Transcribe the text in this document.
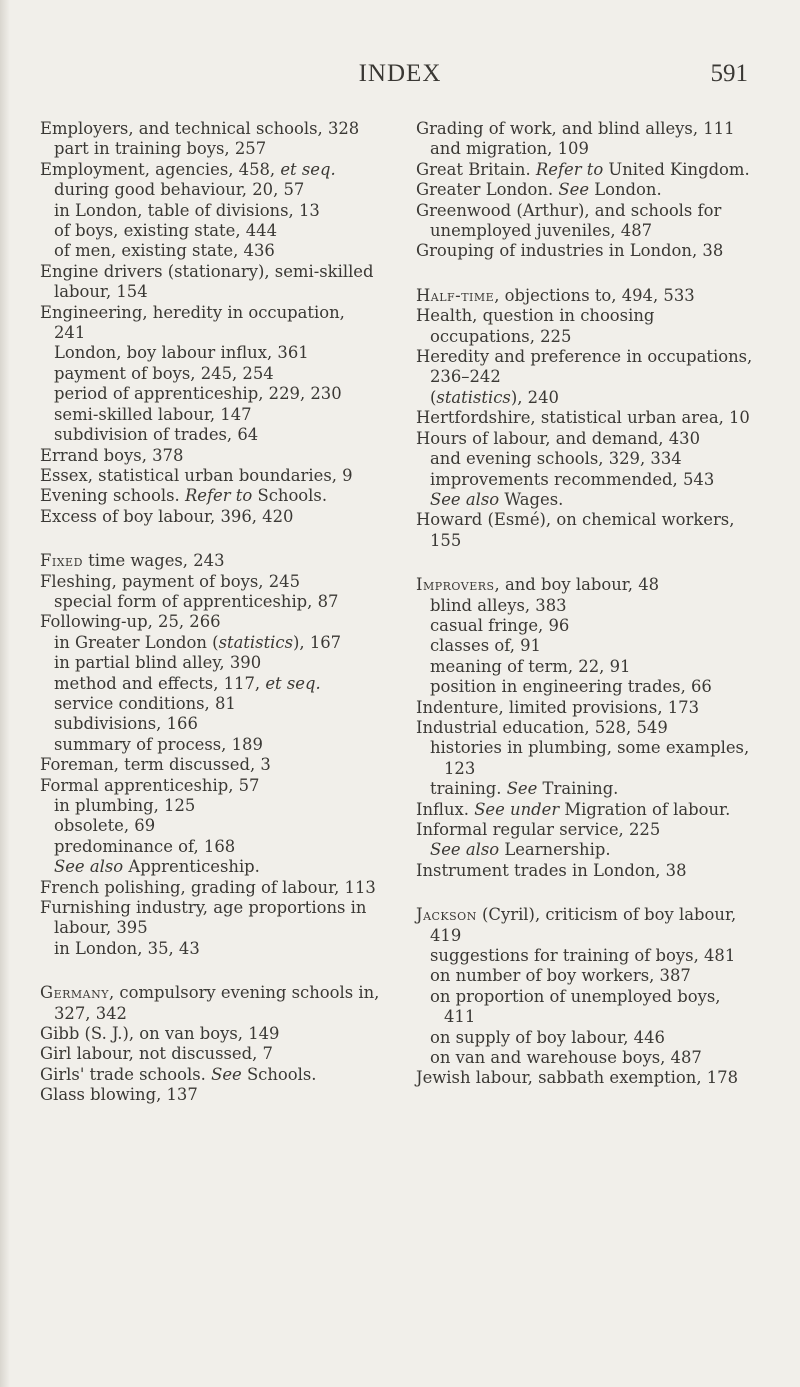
INDEX	591
Employers, and technical schools, 328
part in training boys, 257
Employment, agencies, 458, et seq.
during good behaviour, 20, 57
in London, table of divisions, 13
of boys, existing state, 444
of men, existing state, 436
Engine drivers (stationary), semi-skilled labour, 154
Engineering, heredity in occupation, 241
London, boy labour influx, 361
payment of boys, 245, 254
period of apprenticeship, 229, 230
semi-skilled labour, 147
subdivision of trades, 64
Errand boys, 378
Essex, statistical urban boundaries, 9
Evening schools. Refer to Schools.
Excess of boy labour, 396, 420
Fixed time wages, 243
Fleshing, payment of boys, 245
special form of apprenticeship, 87
Following-up, 25, 266
in Greater London (statistics), 167
in partial blind alley, 390
method and effects, 117, et seq.
service conditions, 81
subdivisions, 166
summary of process, 189
Foreman, term discussed, 3
Formal apprenticeship, 57
in plumbing, 125
obsolete, 69
predominance of, 168
See also Apprenticeship.
French polishing, grading of labour, 113
Furnishing industry, age proportions in labour, 395
in London, 35, 43
Germany, compulsory evening schools in, 327, 342
Gibb (S. J.), on van boys, 149
Girl labour, not discussed, 7
Girls' trade schools. See Schools.
Glass blowing, 137
Grading of work, and blind alleys, 111
and migration, 109
Great Britain. Refer to United Kingdom.
Greater London. See London.
Greenwood (Arthur), and schools for unemployed juveniles, 487
Grouping of industries in London, 38
Half-time, objections to, 494, 533
Health, question in choosing occupations, 225
Heredity and preference in occupations, 236–242
(statistics), 240
Hertfordshire, statistical urban area, 10
Hours of labour, and demand, 430
and evening schools, 329, 334
improvements recommended, 543
See also Wages.
Howard (Esmé), on chemical workers, 155
Improvers, and boy labour, 48
blind alleys, 383
casual fringe, 96
classes of, 91
meaning of term, 22, 91
position in engineering trades, 66
Indenture, limited provisions, 173
Industrial education, 528, 549
histories in plumbing, some examples, 123
training. See Training.
Influx. See under Migration of labour.
Informal regular service, 225
See also Learnership.
Instrument trades in London, 38
Jackson (Cyril), criticism of boy labour, 419
suggestions for training of boys, 481
on number of boy workers, 387
on proportion of unemployed boys, 411
on supply of boy labour, 446
on van and warehouse boys, 487
Jewish labour, sabbath exemption, 178
